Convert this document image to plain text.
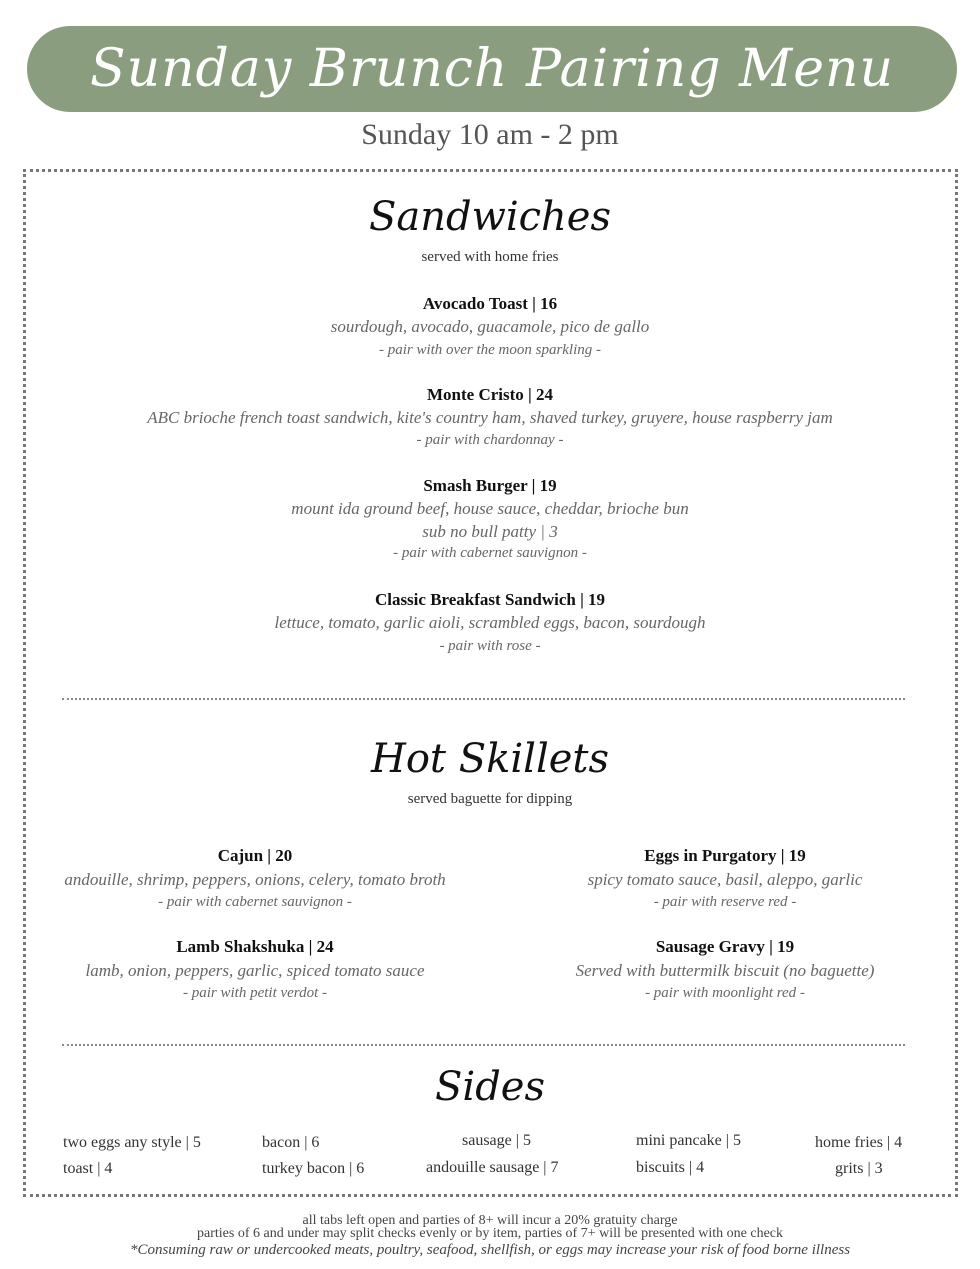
Sunday Brunch Pairing Menu
Sunday 10 am - 2 pm
Sandwiches
served with home fries
Avocado Toast | 16
sourdough, avocado, guacamole, pico de gallo
- pair with over the moon sparkling -
Monte Cristo | 24
ABC brioche french toast sandwich, kite's country ham, shaved turkey, gruyere, house raspberry jam
- pair with chardonnay -
Smash Burger | 19
mount ida ground beef, house sauce, cheddar, brioche bun
sub no bull patty | 3
- pair with cabernet sauvignon -
Classic Breakfast Sandwich | 19
lettuce, tomato, garlic aioli, scrambled eggs, bacon, sourdough
- pair with rose -
Hot Skillets
served baguette for dipping
Cajun | 20
andouille, shrimp, peppers, onions, celery, tomato broth
- pair with cabernet sauvignon -
Eggs in Purgatory | 19
spicy tomato sauce, basil, aleppo, garlic
- pair with reserve red -
Lamb Shakshuka | 24
lamb, onion, peppers, garlic, spiced tomato sauce
- pair with petit verdot -
Sausage Gravy | 19
Served with buttermilk biscuit (no baguette)
- pair with moonlight red -
Sides
two eggs any style | 5	bacon | 6	sausage | 5	mini pancake | 5	home fries | 4
toast | 4	turkey bacon | 6	andouille sausage | 7	biscuits | 4	grits | 3
all tabs left open and parties of 8+ will incur a 20% gratuity charge
parties of 6 and under may split checks evenly or by item, parties of 7+ will be presented with one check
*Consuming raw or undercooked meats, poultry, seafood, shellfish, or eggs may increase your risk of food borne illness
